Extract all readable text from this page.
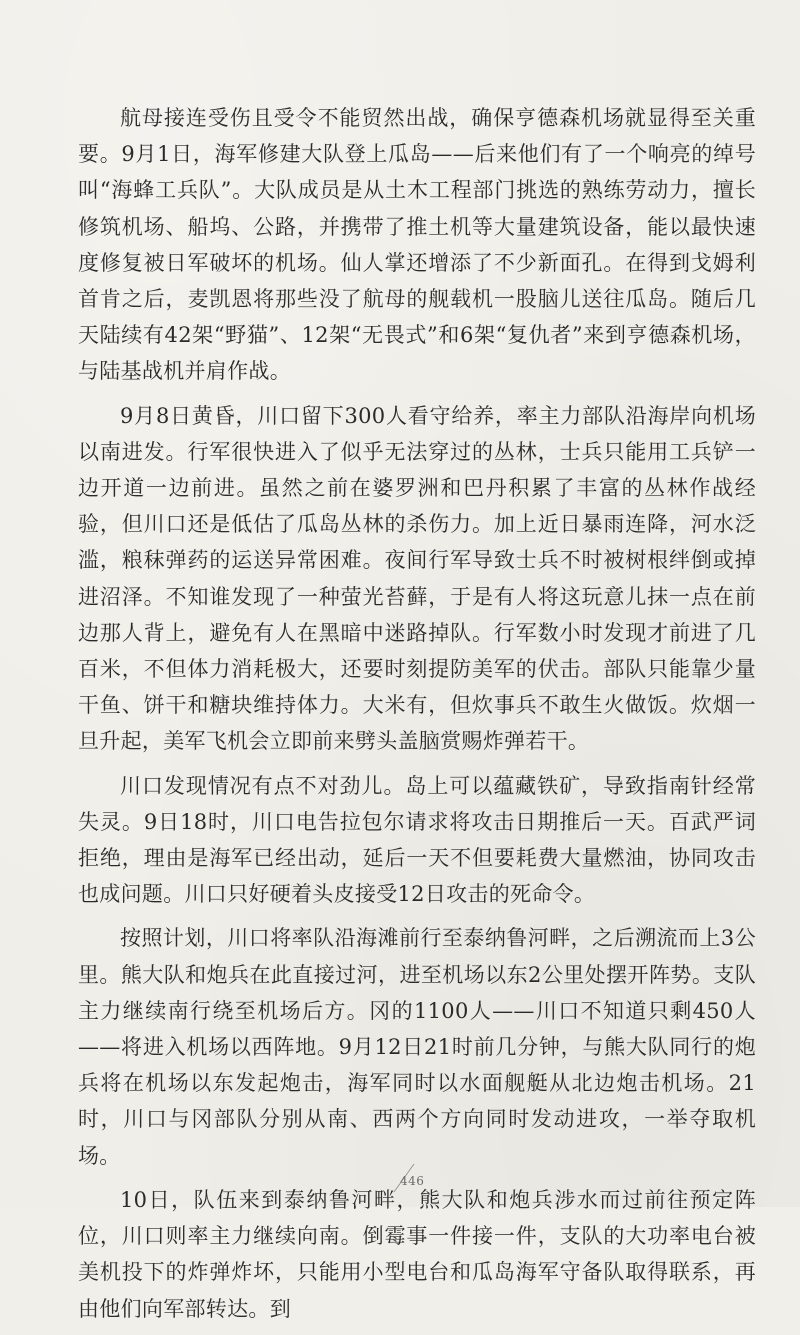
航母接连受伤且受令不能贸然出战，确保亨德森机场就显得至关重要。9月1日，海军修建大队登上瓜岛——后来他们有了一个响亮的绰号叫“海蜂工兵队”。大队成员是从土木工程部门挑选的熟练劳动力，擅长修筑机场、船坞、公路，并携带了推土机等大量建筑设备，能以最快速度修复被日军破坏的机场。仙人掌还增添了不少新面孔。在得到戈姆利首肯之后，麦凯恩将那些没了航母的舰载机一股脑儿送往瓜岛。随后几天陆续有42架“野猫”、12架“无畏式”和6架“复仇者”来到亨德森机场，与陆基战机并肩作战。

9月8日黄昏，川口留下300人看守给养，率主力部队沿海岸向机场以南进发。行军很快进入了似乎无法穿过的丛林，士兵只能用工兵铲一边开道一边前进。虽然之前在婆罗洲和巴丹积累了丰富的丛林作战经验，但川口还是低估了瓜岛丛林的杀伤力。加上近日暴雨连降，河水泛滥，粮秣弹药的运送异常困难。夜间行军导致士兵不时被树根绊倒或掉进沼泽。不知谁发现了一种萤光苔藓，于是有人将这玩意儿抹一点在前边那人背上，避免有人在黑暗中迷路掉队。行军数小时发现才前进了几百米，不但体力消耗极大，还要时刻提防美军的伏击。部队只能靠少量干鱼、饼干和糖块维持体力。大米有，但炊事兵不敢生火做饭。炊烟一旦升起，美军飞机会立即前来劈头盖脑赏赐炸弹若干。

川口发现情况有点不对劲儿。岛上可以蕴藏铁矿，导致指南针经常失灵。9日18时，川口电告拉包尔请求将攻击日期推后一天。百武严词拒绝，理由是海军已经出动，延后一天不但要耗费大量燃油，协同攻击也成问题。川口只好硬着头皮接受12日攻击的死命令。

按照计划，川口将率队沿海滩前行至泰纳鲁河畔，之后溯流而上3公里。熊大队和炮兵在此直接过河，进至机场以东2公里处摆开阵势。支队主力继续南行绕至机场后方。冈的1100人——川口不知道只剩450人——将进入机场以西阵地。9月12日21时前几分钟，与熊大队同行的炮兵将在机场以东发起炮击，海军同时以水面舰艇从北边炮击机场。21时，川口与冈部队分别从南、西两个方向同时发动进攻，一举夺取机场。

10日，队伍来到泰纳鲁河畔，熊大队和炮兵涉水而过前往预定阵位，川口则率主力继续向南。倒霉事一件接一件，支队的大功率电台被美机投下的炸弹炸坏，只能用小型电台和瓜岛海军守备队取得联系，再由他们向军部转达。到

446
